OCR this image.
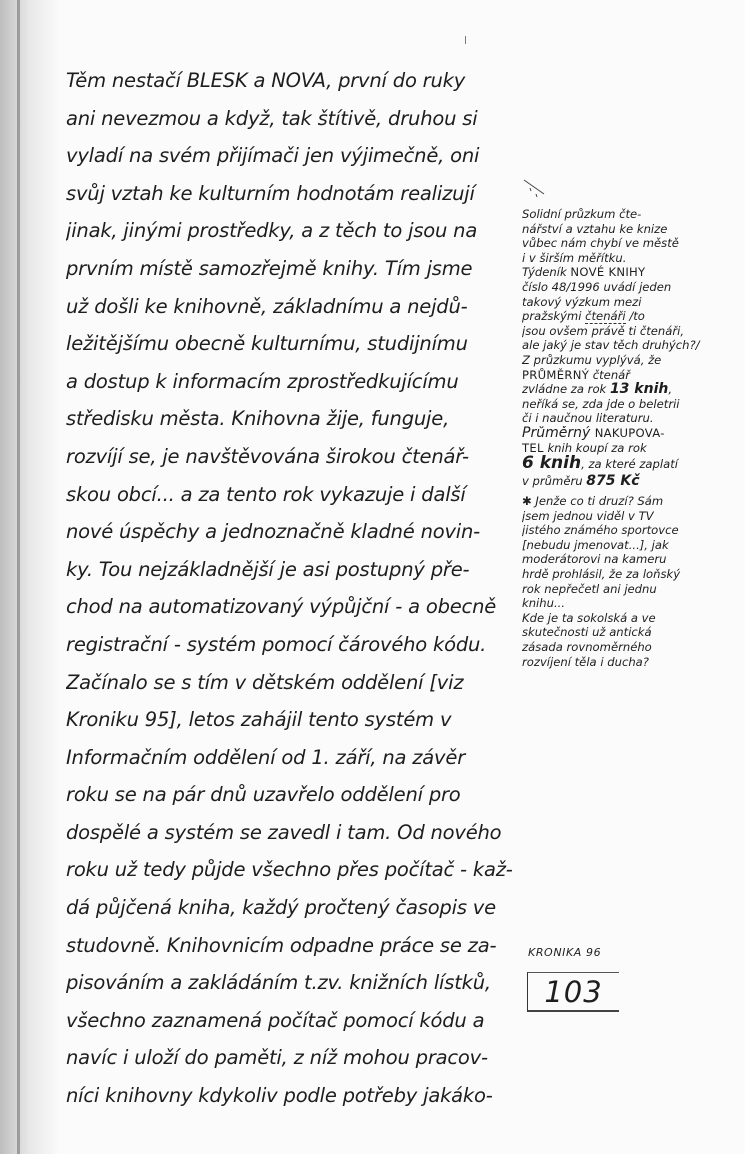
Těm nestačí BLESK a NOVA, první do ruky
ani nevezmou a když, tak štítivě, druhou si
vyladí na svém přijímači jen výjimečně, oni
svůj vztah ke kulturním hodnotám realizují
jinak, jinými prostředky, a z těch to jsou na
prvním místě samozřejmě knihy. Tím jsme
už došli ke knihovně, základnímu a nejdů-
ležitějšímu obecně kulturnímu, studijnímu
a dostup k informacím zprostředkujícímu
středisku města. Knihovna žije, funguje,
rozvíjí se, je navštěvována širokou čtenář-
skou obcí... a za tento rok vykazuje i další
nové úspěchy a jednoznačně kladné novin-
ky. Tou nejzákladnější je asi postupný pře-
chod na automatizovaný výpůjční - a obecně
registrační - systém pomocí čárového kódu.
Začínalo se s tím v dětském oddělení [viz
Kroniku 95], letos zahájil tento systém v
Informačním oddělení od 1. září, na závěr
roku se na pár dnů uzavřelo oddělení pro
dospělé a systém se zavedl i tam. Od nového
roku už tedy půjde všechno přes počítač - kaž-
dá půjčená kniha, každý pročtený časopis ve
studovně. Knihovnicím odpadne práce se za-
pisováním a zakládáním t.zv. knižních lístků,
všechno zaznamená počítač pomocí kódu a
navíc i uloží do paměti, z níž mohou pracov-
níci knihovny kdykoliv podle potřeby jakáko-
Solidní průzkum čte-
nářství a vztahu ke knize
vůbec nám chybí ve městě
i v širším měřítku.
Týdeník NOVÉ KNIHY
číslo 48/1996 uvádí jeden
takový výzkum mezi
pražskými čtenáři /to
jsou ovšem právě ti čtenáři,
ale jaký je stav těch druhých?/
Z průzkumu vyplývá, že
PRŮMĚRNÝ čtenář
zvládne za rok 13 knih,
neříká se, zda jde o beletrii
či i naučnou literaturu.
Průměrný NAKUPOVA-
TEL knih koupí za rok
6 knih, za které zaplatí
v průměru 875 Kč
✱ Jenže co ti druzí? Sám
jsem jednou viděl v TV
jistého známého sportovce
[nebudu jmenovat...], jak
moderátorovi na kameru
hrdě prohlásil, že za loňský
rok nepřečetl ani jednu
knihu...
Kde je ta sokolská a ve
skutečnosti už antická
zásada rovnoměrného
rozvíjení těla i ducha?
KRONIKA 96
103
